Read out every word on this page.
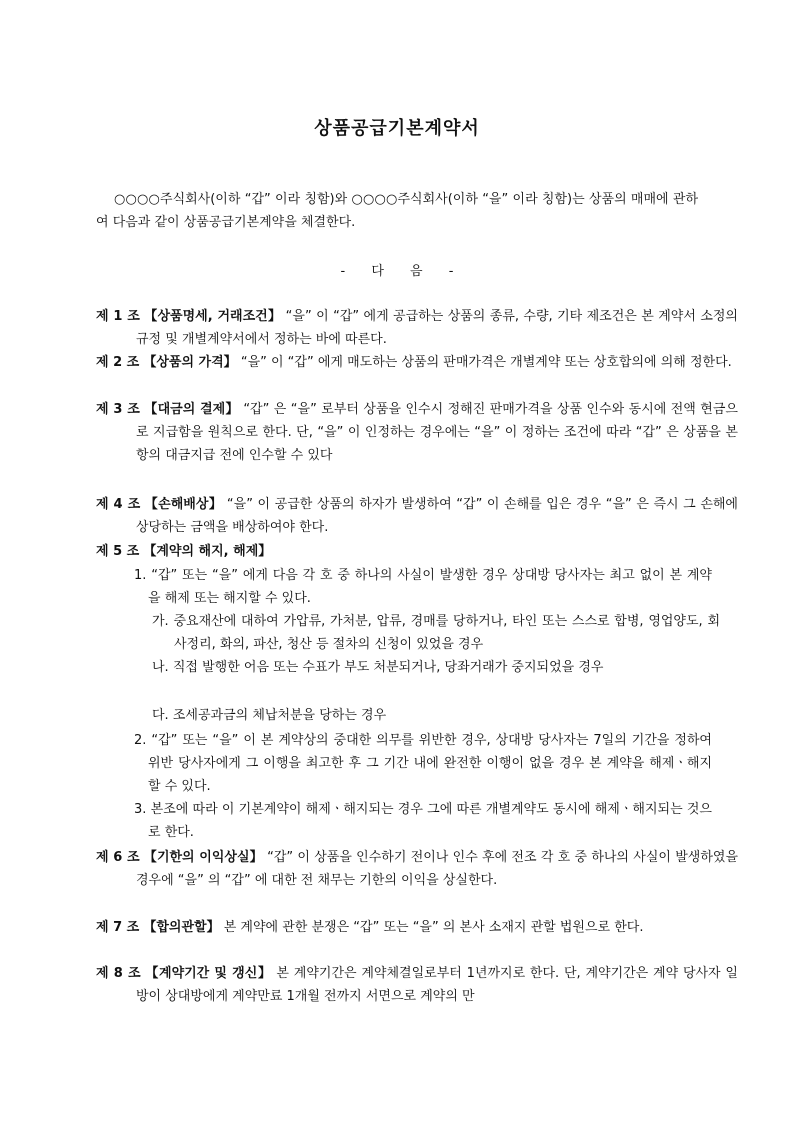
상품공급기본계약서
○○○○주식회사(이하 “갑” 이라 칭함)와 ○○○○주식회사(이하 “을” 이라 칭함)는 상품의 매매에 관하여 다음과 같이 상품공급기본계약을 체결한다.
- 다 음 -
제 1 조 【상품명세, 거래조건】 “을” 이 “갑” 에게 공급하는 상품의 종류, 수량, 기타 제조건은 본 계약서 소정의 규정 및 개별계약서에서 정하는 바에 따른다.
제 2 조 【상품의 가격】 “을” 이 “갑” 에게 매도하는 상품의 판매가격은 개별계약 또는 상호합의에 의해 정한다.
제 3 조 【대금의 결제】 “갑” 은 “을” 로부터 상품을 인수시 정해진 판매가격을 상품 인수와 동시에 전액 현금으로 지급함을 원칙으로 한다. 단, “을” 이 인정하는 경우에는 “을” 이 정하는 조건에 따라 “갑” 은 상품을 본 항의 대금지급 전에 인수할 수 있다
제 4 조 【손해배상】 “을” 이 공급한 상품의 하자가 발생하여 “갑” 이 손해를 입은 경우 “을” 은 즉시 그 손해에 상당하는 금액을 배상하여야 한다.
제 5 조 【계약의 해지, 해제】
1. “갑” 또는 “을” 에게 다음 각 호 중 하나의 사실이 발생한 경우 상대방 당사자는 최고 없이 본 계약을 해제 또는 해지할 수 있다.
가. 중요재산에 대하여 가압류, 가처분, 압류, 경매를 당하거나, 타인 또는 스스로 합병, 영업양도, 회사정리, 화의, 파산, 청산 등 절차의 신청이 있었을 경우
나. 직접 발행한 어음 또는 수표가 부도 처분되거나, 당좌거래가 중지되었을 경우
다. 조세공과금의 체납처분을 당하는 경우
2. “갑” 또는 “을” 이 본 계약상의 중대한 의무를 위반한 경우, 상대방 당사자는 7일의 기간을 정하여 위반 당사자에게 그 이행을 최고한 후 그 기간 내에 완전한 이행이 없을 경우 본 계약을 해제ㆍ해지할 수 있다.
3. 본조에 따라 이 기본계약이 해제ㆍ해지되는 경우 그에 따른 개별계약도 동시에 해제ㆍ해지되는 것으로 한다.
제 6 조 【기한의 이익상실】 “갑” 이 상품을 인수하기 전이나 인수 후에 전조 각 호 중 하나의 사실이 발생하였을 경우에 “을” 의 “갑” 에 대한 전 채무는 기한의 이익을 상실한다.
제 7 조 【합의관할】 본 계약에 관한 분쟁은 “갑” 또는 “을” 의 본사 소재지 관할 법원으로 한다.
제 8 조 【계약기간 및 갱신】 본 계약기간은 계약체결일로부터 1년까지로 한다. 단, 계약기간은 계약 당사자 일방이 상대방에게 계약만료 1개월 전까지 서면으로 계약의 만
